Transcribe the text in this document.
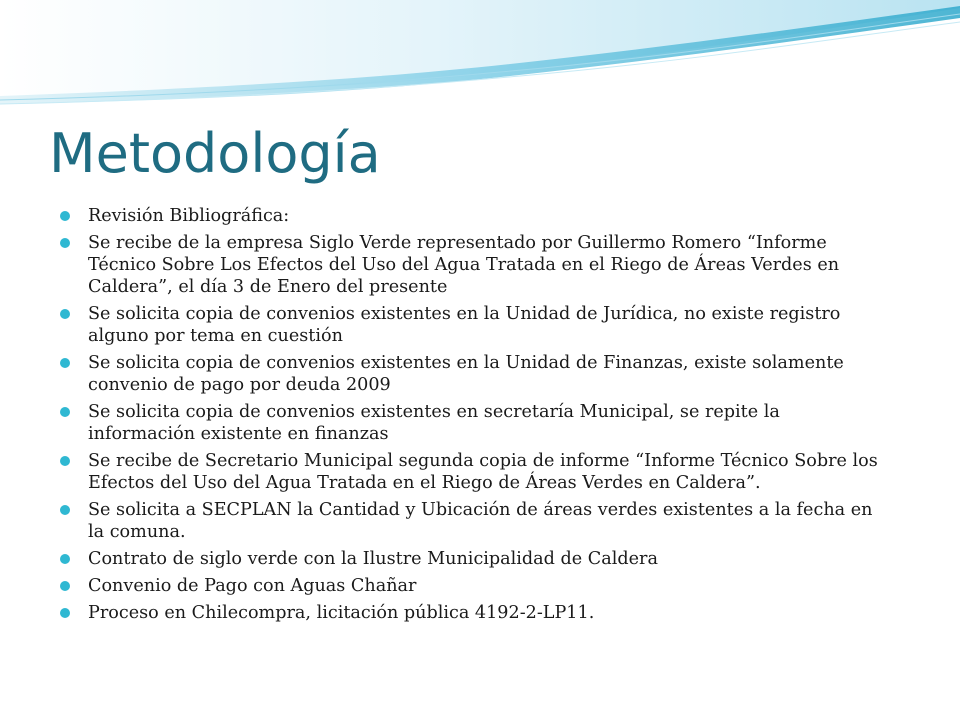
Metodología
Revisión Bibliográfica:
Se recibe de la empresa Siglo Verde representado por Guillermo Romero “Informe Técnico Sobre Los Efectos del Uso del Agua Tratada en el Riego de Áreas Verdes en Caldera”, el día 3 de Enero del presente
Se solicita copia de convenios existentes en la Unidad de Jurídica, no existe registro alguno por tema en cuestión
Se solicita copia de convenios existentes en la Unidad de Finanzas, existe solamente convenio de pago por deuda 2009
Se solicita copia de convenios existentes en secretaría Municipal, se repite la información existente en finanzas
Se recibe de Secretario Municipal segunda copia de informe “Informe Técnico Sobre los Efectos del Uso del Agua Tratada en el Riego de Áreas Verdes en Caldera”.
Se solicita a SECPLAN la Cantidad y Ubicación de áreas verdes existentes a la fecha en la comuna.
Contrato de siglo verde con la Ilustre Municipalidad de Caldera
Convenio de Pago con Aguas Chañar
Proceso en Chilecompra, licitación pública 4192-2-LP11.
